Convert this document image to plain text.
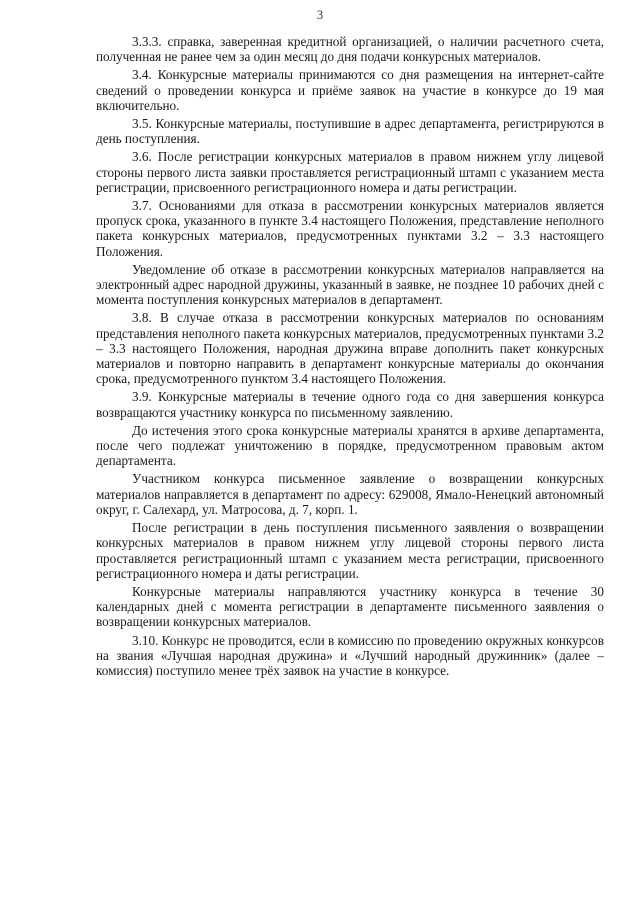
3

3.3.3. справка, заверенная кредитной организацией, о наличии расчетного счета, полученная не ранее чем за один месяц до дня подачи конкурсных материалов.

3.4. Конкурсные материалы принимаются со дня размещения на интернет-сайте сведений о проведении конкурса и приёме заявок на участие в конкурсе до 19 мая включительно.

3.5. Конкурсные материалы, поступившие в адрес департамента, регистрируются в день поступления.

3.6. После регистрации конкурсных материалов в правом нижнем углу лицевой стороны первого листа заявки проставляется регистрационный штамп с указанием места регистрации, присвоенного регистрационного номера и даты регистрации.

3.7. Основаниями для отказа в рассмотрении конкурсных материалов является пропуск срока, указанного в пункте 3.4 настоящего Положения, представление неполного пакета конкурсных материалов, предусмотренных пунктами 3.2 – 3.3 настоящего Положения.

Уведомление об отказе в рассмотрении конкурсных материалов направляется на электронный адрес народной дружины, указанный в заявке, не позднее 10 рабочих дней с момента поступления конкурсных материалов в департамент.

3.8. В случае отказа в рассмотрении конкурсных материалов по основаниям представления неполного пакета конкурсных материалов, предусмотренных пунктами 3.2 – 3.3 настоящего Положения, народная дружина вправе дополнить пакет конкурсных материалов и повторно направить в департамент конкурсные материалы до окончания срока, предусмотренного пунктом 3.4 настоящего Положения.

3.9. Конкурсные материалы в течение одного года со дня завершения конкурса возвращаются участнику конкурса по письменному заявлению.

До истечения этого срока конкурсные материалы хранятся в архиве департамента, после чего подлежат уничтожению в порядке, предусмотренном правовым актом департамента.

Участником конкурса письменное заявление о возвращении конкурсных материалов направляется в департамент по адресу: 629008, Ямало-Ненецкий автономный округ, г. Салехард, ул. Матросова, д. 7, корп. 1.

После регистрации в день поступления письменного заявления о возвращении конкурсных материалов в правом нижнем углу лицевой стороны первого листа проставляется регистрационный штамп с указанием места регистрации, присвоенного регистрационного номера и даты регистрации.

Конкурсные материалы направляются участнику конкурса в течение 30 календарных дней с момента регистрации в департаменте письменного заявления о возвращении конкурсных материалов.

3.10. Конкурс не проводится, если в комиссию по проведению окружных конкурсов на звания «Лучшая народная дружина» и «Лучший народный дружинник» (далее – комиссия) поступило менее трёх заявок на участие в конкурсе.
